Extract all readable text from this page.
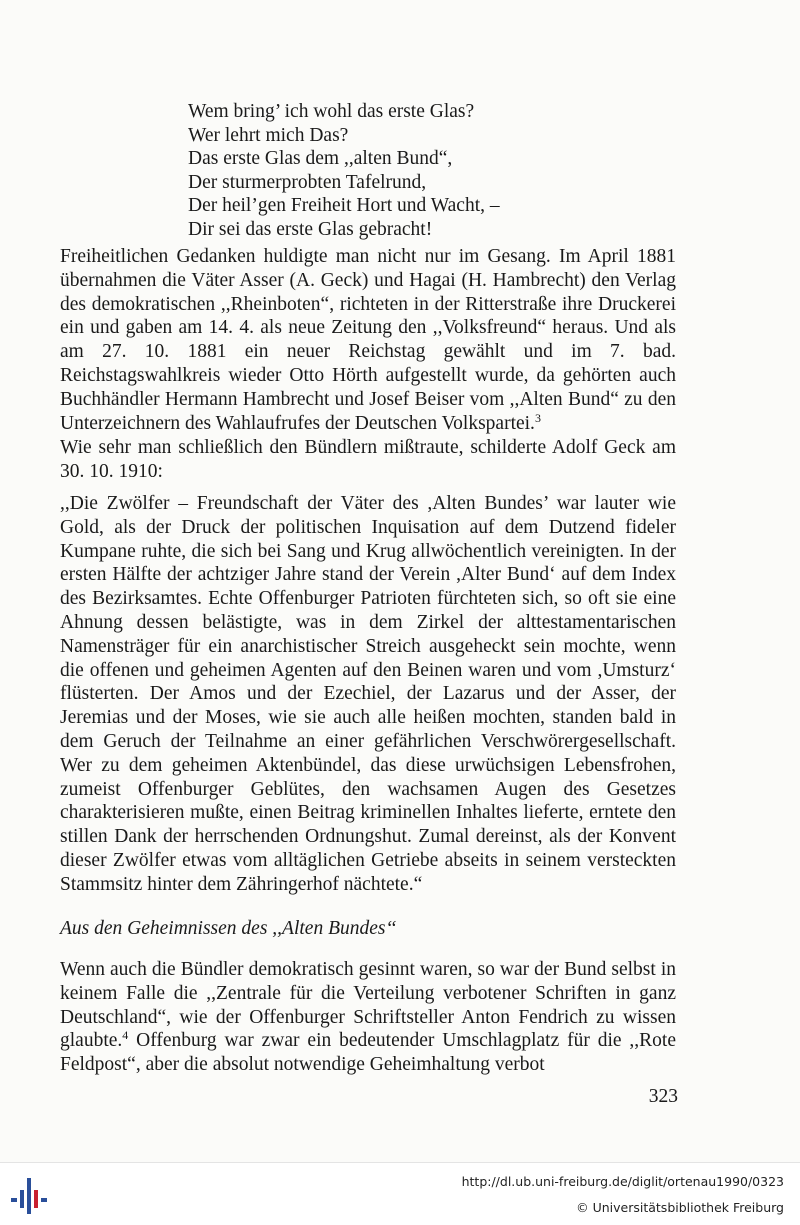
Wem bring’ ich wohl das erste Glas?
Wer lehrt mich Das?
Das erste Glas dem ,,alten Bund“,
Der sturmerprobten Tafelrund,
Der heil’gen Freiheit Hort und Wacht, –
Dir sei das erste Glas gebracht!

Freiheitlichen Gedanken huldigte man nicht nur im Gesang. Im April 1881 übernahmen die Väter Asser (A. Geck) und Hagai (H. Hambrecht) den Verlag des demokratischen ,,Rheinboten“, richteten in der Ritterstraße ihre Druckerei ein und gaben am 14. 4. als neue Zeitung den ,,Volksfreund“ heraus. Und als am 27. 10. 1881 ein neuer Reichstag gewählt und im 7. bad. Reichstagswahlkreis wieder Otto Hörth aufgestellt wurde, da gehörten auch Buchhändler Hermann Hambrecht und Josef Beiser vom ,,Alten Bund“ zu den Unterzeichnern des Wahlaufrufes der Deutschen Volkspartei.$^3$

Wie sehr man schließlich den Bündlern mißtraute, schilderte Adolf Geck am 30. 10. 1910:

,,Die Zwölfer – Freundschaft der Väter des ,Alten Bundes’ war lauter wie Gold, als der Druck der politischen Inquisation auf dem Dutzend fideler Kumpane ruhte, die sich bei Sang und Krug allwöchentlich vereinigten. In der ersten Hälfte der achtziger Jahre stand der Verein ,Alter Bund‘ auf dem Index des Bezirksamtes. Echte Offenburger Patrioten fürchteten sich, so oft sie eine Ahnung dessen belästigte, was in dem Zirkel der alttestamentarischen Namensträger für ein anarchistischer Streich ausgeheckt sein mochte, wenn die offenen und geheimen Agenten auf den Beinen waren und vom ,Umsturz‘ flüsterten. Der Amos und der Ezechiel, der Lazarus und der Asser, der Jeremias und der Moses, wie sie auch alle heißen mochten, standen bald in dem Geruch der Teilnahme an einer gefährlichen Verschwörergesellschaft. Wer zu dem geheimen Aktenbündel, das diese urwüchsigen Lebensfrohen, zumeist Offenburger Geblütes, den wachsamen Augen des Gesetzes charakterisieren mußte, einen Beitrag kriminellen Inhaltes lieferte, erntete den stillen Dank der herrschenden Ordnungshut. Zumal dereinst, als der Konvent dieser Zwölfer etwas vom alltäglichen Getriebe abseits in seinem versteckten Stammsitz hinter dem Zähringerhof nächtete.“

Aus den Geheimnissen des ,,Alten Bundes‘‘

Wenn auch die Bündler demokratisch gesinnt waren, so war der Bund selbst in keinem Falle die ,,Zentrale für die Verteilung verbotener Schriften in ganz Deutschland“, wie der Offenburger Schriftsteller Anton Fendrich zu wissen glaubte.$^4$ Offenburg war zwar ein bedeutender Umschlagplatz für die ,,Rote Feldpost“, aber die absolut notwendige Geheimhaltung verbot

323
http://dl.ub.uni-freiburg.de/diglit/ortenau1990/0323
© Universitätsbibliothek Freiburg
